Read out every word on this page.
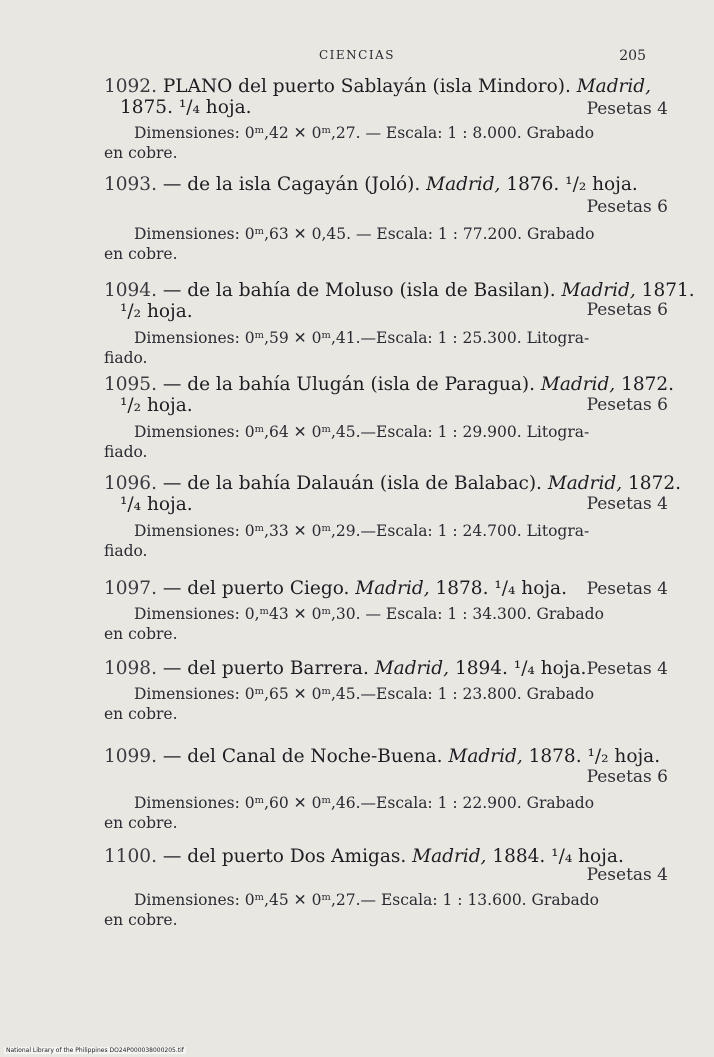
CIENCIAS	205
1092. PLANO del puerto Sablayán (isla Mindoro). Madrid,
1875. ¹/₄ hoja.	Pesetas 4
Dimensiones: 0ᵐ,42 ✕ 0ᵐ,27. — Escala: 1 : 8.000. Grabado
en cobre.
1093. — de la isla Cagayán (Joló). Madrid, 1876. ¹/₂ hoja.
Pesetas 6
Dimensiones: 0ᵐ,63 ✕ 0,45. — Escala: 1 : 77.200. Grabado
en cobre.
1094. — de la bahía de Moluso (isla de Basilan). Madrid, 1871.
¹/₂ hoja.	Pesetas 6
Dimensiones: 0ᵐ,59 ✕ 0ᵐ,41.—Escala: 1 : 25.300. Litogra-
fiado.
1095. — de la bahía Ulugán (isla de Paragua). Madrid, 1872.
¹/₂ hoja.	Pesetas 6
Dimensiones: 0ᵐ,64 ✕ 0ᵐ,45.—Escala: 1 : 29.900. Litogra-
fiado.
1096. — de la bahía Dalauán (isla de Balabac). Madrid, 1872.
¹/₄ hoja.	Pesetas 4
Dimensiones: 0ᵐ,33 ✕ 0ᵐ,29.—Escala: 1 : 24.700. Litogra-
fiado.
1097. — del puerto Ciego. Madrid, 1878. ¹/₄ hoja. Pesetas 4
Dimensiones: 0,ᵐ43 ✕ 0ᵐ,30. — Escala: 1 : 34.300. Grabado
en cobre.
1098. — del puerto Barrera. Madrid, 1894. ¹/₄ hoja. Pesetas 4
Dimensiones: 0ᵐ,65 ✕ 0ᵐ,45.—Escala: 1 : 23.800. Grabado
en cobre.
1099. — del Canal de Noche-Buena. Madrid, 1878. ¹/₂ hoja.
Pesetas 6
Dimensiones: 0ᵐ,60 ✕ 0ᵐ,46.—Escala: 1 : 22.900. Grabado
en cobre.
1100. — del puerto Dos Amigas. Madrid, 1884. ¹/₄ hoja.
Pesetas 4
Dimensiones: 0ᵐ,45 ✕ 0ᵐ,27.— Escala: 1 : 13.600. Grabado
en cobre.
National Library of the Philippines DO24P000038000205.tif
